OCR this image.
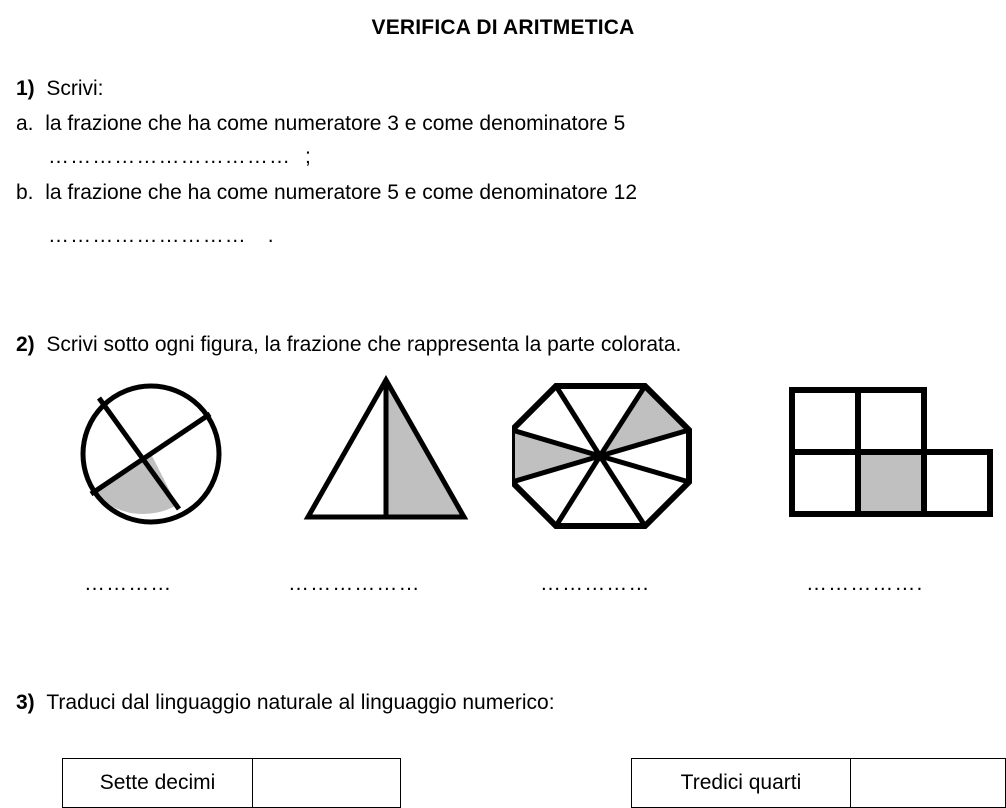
VERIFICA DI ARITMETICA
1)  Scrivi:
a.  la frazione che ha come numeratore 3 e come denominatore 5
……………………………  ;
b.  la frazione che ha come numeratore 5 e come denominatore 12
………………………   .
2)  Scrivi sotto ogni figura, la frazione che rappresenta la parte colorata.
…………	………………	……………	…………….
3)  Traduci dal linguaggio naturale al linguaggio numerico:
Sette decimi		Tredici quarti	
